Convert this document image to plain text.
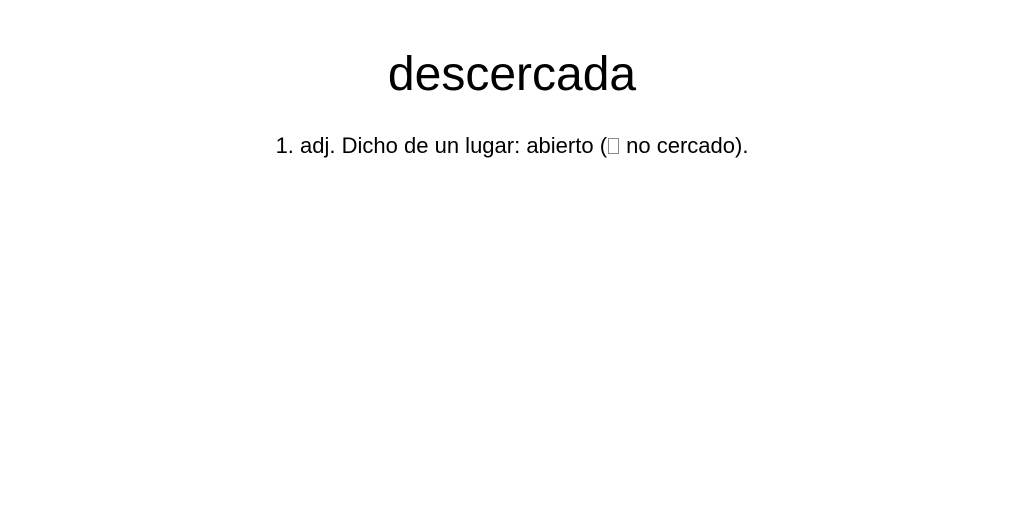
descercada

1. adj. Dicho de un lugar: abierto ( no cercado).
